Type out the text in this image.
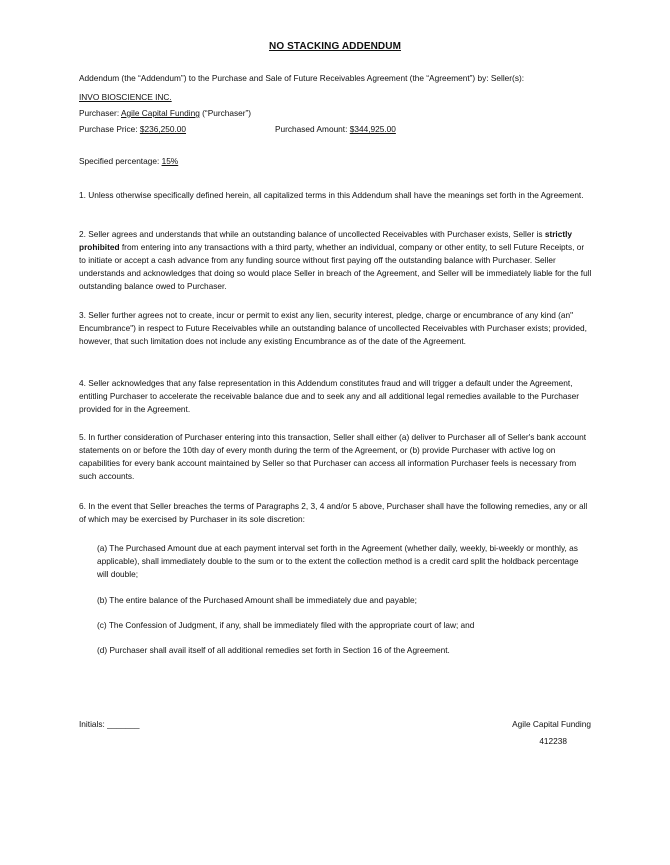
NO STACKING ADDENDUM

Addendum (the “Addendum”) to the Purchase and Sale of Future Receivables Agreement (the “Agreement”) by: Seller(s):

INVO BIOSCIENCE INC.

Purchaser: Agile Capital Funding (“Purchaser”)

Purchase Price: $236,250.00	Purchased Amount: $344,925.00

Specified percentage: 15%

1. Unless otherwise specifically defined herein, all capitalized terms in this Addendum shall have the meanings set forth in the Agreement.

2. Seller agrees and understands that while an outstanding balance of uncollected Receivables with Purchaser exists, Seller is strictly prohibited from entering into any transactions with a third party, whether an individual, company or other entity, to sell Future Receipts, or to initiate or accept a cash advance from any funding source without first paying off the outstanding balance with Purchaser. Seller understands and acknowledges that doing so would place Seller in breach of the Agreement, and Seller will be immediately liable for the full outstanding balance owed to Purchaser.

3. Seller further agrees not to create, incur or permit to exist any lien, security interest, pledge, charge or encumbrance of any kind (an" Encumbrance") in respect to Future Receivables while an outstanding balance of uncollected Receivables with Purchaser exists; provided, however, that such limitation does not include any existing Encumbrance as of the date of the Agreement.

4. Seller acknowledges that any false representation in this Addendum constitutes fraud and will trigger a default under the Agreement, entitling Purchaser to accelerate the receivable balance due and to seek any and all additional legal remedies available to the Purchaser provided for in the Agreement.

5. In further consideration of Purchaser entering into this transaction, Seller shall either (a) deliver to Purchaser all of Seller's bank account statements on or before the 10th day of every month during the term of the Agreement, or (b) provide Purchaser with active log on capabilities for every bank account maintained by Seller so that Purchaser can access all information Purchaser feels is necessary from such accounts.

6. In the event that Seller breaches the terms of Paragraphs 2, 3, 4 and/or 5 above, Purchaser shall have the following remedies, any or all of which may be exercised by Purchaser in its sole discretion:

(a) The Purchased Amount due at each payment interval set forth in the Agreement (whether daily, weekly, bi-weekly or monthly, as applicable), shall immediately double to the sum or to the extent the collection method is a credit card split the holdback percentage will double;

(b) The entire balance of the Purchased Amount shall be immediately due and payable;

(c) The Confession of Judgment, if any, shall be immediately filed with the appropriate court of law; and

(d) Purchaser shall avail itself of all additional remedies set forth in Section 16 of the Agreement.

Initials: _______	Agile Capital Funding
412238
